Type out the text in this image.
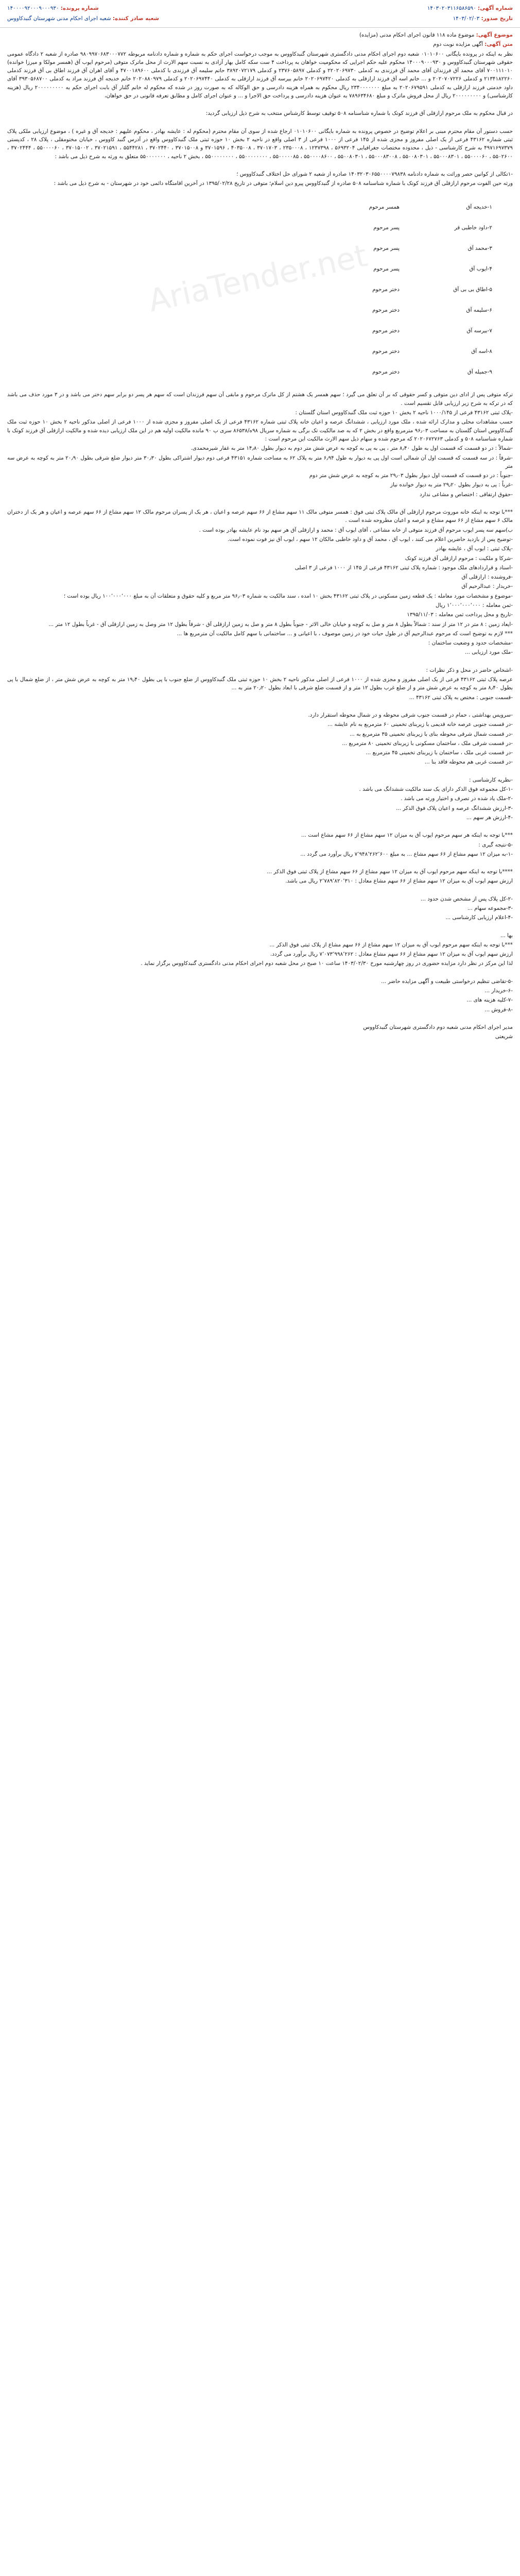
شماره آگهی: ۱۴۰۳۰۲۰۳۱۱۶۵۸۶۵۹۰
شماره پرونده: ۱۴۰۰۰۰۹۲۰۰۰۹۰۰۰۹۳۰
تاریخ صدور: ۱۴۰۳/۰۲/۰۳
شعبه صادر کننده: شعبه اجرای احکام مدنی شهرستان گنبدکاووس

موضوع آگهی: موضوع ماده ۱۱۸ قانون اجرای احکام مدنی (مزایده)

متن آگهی: آگهی مزایده نوبت دوم

نظر به اینکه در پرونده بایگانی ۰۱۰۱۰۶۰۰ شعبه دوم اجرای احکام مدنی دادگستری شهرستان گنبدکاووس به موجب درخواست اجرای حکم به شماره و شماره دادنامه مربوطه ۹۸۰۹۹۷۰۶۸۳۰۰۰۷۷۲ صادره از شعبه ۲ دادگاه عمومی حقوقی شهرستان گنبدکاووس و ۱۴۰۰۰۹۰۰۰۹۳۰ محکوم علیه حکم اجرایی که محکومیت خواهان به پرداخت ۴ ست سکه کامل بهار آزادی به نسبت سهم الارث از محل ماترک متوفی (مرحوم ایوب آق (همسر مولکا و میرزا خوانده) ۷۰۰۱۱۱۰۱۰ آقای محمد آق فرزندان آقای محمد آق فرزندی به کدملی ۲۲۰۲۰۶۹۷۳۰ و کدملی ۲۳۷۶۰۵۸۹۷ و کدملی ۳۸۹۲۰۷۲۱۷۹ حاتم سلیمه آق فرزندی با کدملی ۴۷۰۰۱۸۹۶۰۰ و آقای اهران آق فرزند اطاق بی آق فرزند کدملی ۲۱۳۴۱۸۲۲۶۰ و کدملی ۲۰۲۰۷۰۷۲۲۶ و ... خانم اسه آق فرزند ارازقلی به کدملی ۲۰۲۰۶۹۷۴۲۰ خانم بیرسه آق فرزند ارازقلی به کدملی ۲۰۲۰۶۹۷۴۴۰ و کدملی ۲۰۲۰۸۸۰۹۷۹ خانم خدیجه آق فرزند مراد به کدملی ۳۹۳۰۵۶۸۷۰۰ آقای داود خدمتی فرزند ارازقلی به کدملی ۲۰۲۰۶۷۹۵۹۱ به مبلغ ۲۳۴۰۰۰۰۰۰۰ ریال محکوم به همراه هزینه دادرسی و حق الوکاله که به صورت روز در شده که محکوم له خانم گلنار آق بابت اجرای حکم به ۲۰۰۰۰۰۰۰۰۰ ریال (هزینه کارشناسی) و ۲۰۰۰۰۰۰۰۰۰ ریال از محل فروش ماترک و مبلغ ۷۸۹۶۳۴۶۸۰ به عنوان هزینه دادرسی و پرداخت حق الاجرا و ... و عنوان اجرای کامل و مطابق تعرفه قانونی در حق خواهان،

در قبال محکوم به ملک مرحوم ارازقلی آق فرزند کوتک با شماره شناسنامه ۵۰۸ توقیف توسط کارشناس منتخب به شرح ذیل ارزیابی گردید:

حسب دستور آن مقام محترم مبنی بر اعلام توضیح در خصوص پرونده به شماره بایگانی ۰۱۰۱۰۶۰۰ ارجاع شده از سوی آن مقام محترم (محکوم له : عایشه بهادر ، محکوم علیهم : خدیجه آق و غیره ) ، موضوع ارزیابی ملکی پلاک ثبتی شماره ۴۳۱۶۲ فرعی از یک اصلی مفروز و مجزی شده از ۱۴۵ فرعی از ۱۰۰۰ فرعی از ۳ اصلی واقع در ناحیه ۲ بخش ۱۰ حوزه ثبتی ملک گنبدکاووس واقع در آدرس گنبد کاووس ، خیابان مختومقلی ، پلاک ۲۸ ، کدپستی ۴۹۷۱۶۹۷۳۷۹ به شرح کارشناسی - ذیل ، محدوده مختصات جغرافیایی ۵۶۹۳۲۰۴ ، ۱۲۳۷۳۹۸ ، ۲۳۵۰۰۰۸ ، ۳۷۰۱۷۰۳ ، ۴۰۳۵۰۰۸ ، ۳۷۰۱۵۹۶ و ۳۷۰۱۵۰۰۸ ، ۳۷۰۲۴۴۰ ، ۵۵۴۴۲۸۱ ، ۳۷۰۲۱۵۹۱ ، ۳۷۰۱۵۰۰۲ ، ۵۵۰۰۰۰۶۰ ، ۳۷۰۲۴۴۴ ، ۵۵۰۲۶۰۰ ، ۵۵۰۰۰۰۶۰ ، ۵۵۰۰۰۸۳۰۱ ، ۵۵۰۰۸۰۳۰۱ ، ۵۵۰۰۰۸۳۰۰۸ ، ۵۵۰۰۸۰۳۰۱ ، ۵۵۰۰۰۰۸۶۰۰ ، ۵۵۰۰۰۰۰۸۵ ، ۵۵۰۰۰۰۰۰۰۰ ، ۵۵۰۰۰۰۰۰۰۰ ، بخش ۲ ناحیه ، ۵۵۰۰۰۰۰۰۰ متعلق به ورثه به شرح ذیل می باشد :

-۱تکالی از کوانین حصر وراثت به شماره دادنامه ۱۴۰۳۲۰۳۰۶۵۵۰۰۰۰۷۹۸۳۸ صادره از شعبه ۲ شورای حل اختلاف گنبدکاووس ؛

ورثه حین الفوت مرحوم ارازقلی آق فرزند کوتک با شماره شناسنامه ۵۰۸ صادره از گنبدکاووس پیرو دین اسلام؛ متوفی در تاریخ ۱۳۹۵/۰۲/۲۸ در آخرین اقامتگاه دائمی خود در شهرستان - به شرح ذیل می باشد :

۱-خدیجه آق
همسر مرحوم
۲-داود خاطبی قر
پسر مرحوم
۳-محمد آق
پسر مرحوم
۴-ایوب آق
پسر مرحوم
۵-اطاق بی بی آق
دختر مرحوم
۶-سلیمه آق
دختر مرحوم
۷-بیرسه آق
دختر مرحوم
۸-اسه آق
دختر مرحوم
۹-جمیله آق
دختر مرحوم

ترکه متوفی پس از ادای دین متوفی و کسر حقوقی که بر آن تعلق می گیرد ؛ سهم همسر یک هشتم از کل ماترک مرحوم و مابقی آن سهم فرزندان است که سهم هر پسر دو برابر سهم دختر می باشد و در ۳ مورد حذف می باشد که در ترکه به شرح زیر ارزیابی قابل تقسیم است .

-پلاک ثبتی ۴۳۱۶۲ فرعی از ۱۰۰۰/۱۴۵ ناحیه ۲ بخش ۱۰ حوزه ثبت ملک گنبدکاووس استان گلستان :

حسب مشاهدات محلی و مدارک ارائه شده ، ملک مورد ارزیابی ، ششدانگ عرصه و اعیان خانه پلاک ثبتی شماره ۴۳۱۶۲ فرعی از یک اصلی مفروز و مجزی شده از ۱۰۰۰ فرعی از اصلی مذکور ناحیه ۲ بخش ۱۰ حوزه ثبت ملک گنبدکاووس استان گلستان به مساحت ۹۶٫۰۳ مترمربع واقع در بخش ۲ که به صد مالکیت تک برگی به شماره سریال ۹۸ه/۸۶۵۳۸ سری ب ۹۰ مانده مالکیت اولیه هم در این ملک ارزیابی دیده شده و مالکیت ارازقلی آق فرزند کوتک با شماره شناسنامه ۵۰۸ و کدملی ۲۰۲۰۶۷۲۷۶۳ که مرحوم شده و سهام ذیل سهم الارث مالکیت این مرحوم است :

-شمالاً : در دو قسمت که قسمت اول به طول ۸٫۴۰ متر ، پی به پی به کوچه به عرض شش متر دوم به دیوار بطول ۱۴٫۸۰ متر به غفار شیرمحمدی.

-شرقاً : در سه قسمت که قسمت اول آن شمالی است اول پی به دیوار به طول ۶٫۹۴ متر به پلاک ۶۲ به مساحت شماره ۴۳۱۵۱ فرعی دوم دیوار اشتراکی بطول ۳۰٫۳۰ متر دیوار ضلع شرقی بطول ۲۰٫۹۰ متر به کوچه به عرض سه متر

-جنوباً : در دو قسمت که قسمت اول دیوار بطول ۲۹٫۰۳ متر به کوچه به عرض شش متر دوم

-غرباً : پی به دیوار بطول ۲۹٫۲۰ متر به دیوار خوانده نیاز

-حقوق ارتفاقی : اختصاص و مشاعی ندارد

***با توجه به اینکه خانه موروث مرحوم ارازقلی آق مالک پلاک ثبتی فوق : همسر متوفی مالک ۱۱ سهم مشاع از ۶۶ سهم عرصه و اعیان ، هر یک از پسران مرحوم مالک ۱۲ سهم مشاع از ۶۶ سهم عرصه و اعیان و هر یک از دختران مالک ۶ سهم مشاع از ۶۶ سهم مشاع و عرصه و اعیان مطروحه شده است .

ب)سهم سه پسر ایوب مرحوم آق فرزند متوفی از خانه مشاعی ، آقای ایوب آق : محمد و ارازقلی آق هر سهم بود نام عایشه بهادر بوده است .

-توضیح پس از بازدید حاضرین اعلام می کنند ، ایوب آق ، محمد آق و داود خاطبی مالکان ۱۲ سهم ، ایوب آق نیز فوت نموده است.

-پلاک ثبتی : ایوب آق ، عایشه بهادر

-شرکا و ملکیت : مرحوم ارازقلی آق فرزند کوتک

-اسناد و قراردادهای ملک موجود : شماره پلاک ثبتی ۴۳۱۶۲ فرعی از ۱۴۵ از ۱۰۰۰ فرعی از ۳ اصلی

-فروشنده : ارازقلی آق

-خریدار : عبدالرحیم آق

-موضوع و مشخصات مورد معامله : یک قطعه زمین مسکونی در پلاک ثبتی ۴۳۱۶۲ بخش ۱۰ امده ، سند مالکیت به شماره ۹۶٫۰۳ متر مربع و کلیه حقوق و متعلقات آن به مبلغ ۱۰۰٬۰۰۰٬۰۰۰ ریال بوده است ؛

-ثمن معامله : ۱٬۰۰۰٬۰۰۰٬۰۰۰ ریال

-تاریخ و محل پرداخت ثمن معامله : ۱۳۹۵/۱۱/۰۳

-ایعاد زمین : ۸ متر در ۱۲ متر از سند : شمالاً بطول ۸ متر و صل به کوچه و خیابان خالی الاثر - جنوباً بطول ۸ متر و صل به زمین ارازقلی آق - شرقاً بطول ۱۲ متر وصل به زمین ارازقلی آق - غرباً بطول ۱۲ متر ...

*** لازم به توضیح است که مرحوم عبدالرحیم آق در طول حیات خود در زمین موصوف ، با اعیانی و ... ساختمانی با سهم کامل مالکیت آن مترمربع ها ...

-مشخصات حدود و وضعیت ساختمان :

-ملک مورد ارزیابی ...

-اشخاص حاضر در محل و ذکر نظرات :

عرصه پلاک ثبتی ۴۳۱۶۲ فرعی از یک اصلی مفروز و مجزی شده از ۱۰۰۰ فرعی از اصلی مذکور ناحیه ۲ بخش ۱۰ حوزه ثبتی ملک گنبدکاووس از ضلع جنوب با پی بطول ۱۹٫۴۰ متر به کوچه به عرض شش متر ، از ضلع شمال با پی بطول ۸٫۴۰ متر به کوچه به عرض شش متر و از ضلع غرب بطول ۱۲ متر و از قسمت ضلع شرقی با ابعاد بطول ۲۰٫۲۰ متر به ...

-قسمت جنوبی : مختص به پلاک ثبتی ۴۳۱۶۲ ...

-سرویس بهداشتی ، حمام در قسمت جنوب شرقی محوطه و در شمال محوطه استقرار دارد.

-در قسمت جنوبی عرصه خانه قدیمی با زیربنای تخمینی ۶۰ مترمربع به نام عایشه ...

-در قسمت شمال شرقی محوطه بنای با زیربنای تخمینی ۳۵ مترمربع به ...

-در قسمت شرقی ملک ، ساختمان مسکونی با زیربنای تخمینی ۸۰ مترمربع ...

-در قسمت غربی ملک ، ساختمان با زیربنای تخمینی ۴۵ مترمربع ...

-در قسمت غربی هم محوطه فاقد بنا ...

-نظریه کارشناسی :

-۱-کل مجموعه فوق الذکر دارای یک سند مالکیت ششدانگ می باشد .

-۲-ملک یاد شده در تصرف و اختیار ورثه می باشد .

-۳-ارزش ششدانگ عرصه و اعیان پلاک فوق الذکر ...

-۴-ارزش هر سهم ...

***با توجه به اینکه هر سهم مرحوم ایوب آق به میزان ۱۲ سهم مشاع از ۶۶ سهم مشاع است ...

-۵-نتیجه گیری :

-۱-به میزان ۱۲ سهم مشاع از ۶۶ سهم مشاع ... به مبلغ ۷٬۹۴۸٬۲۶۲٬۶۰۰ ریال برآورد می گردد ...

****با توجه به اینکه سهم مرحوم ایوب آق به میزان ۱۲ سهم مشاع از ۶۶ سهم مشاع از پلاک ثبتی فوق الذکر ...

ارزش سهم ایوب آق به میزان ۱۲ سهم مشاع از ۶۶ سهم مشاع معادل : ۲٬۷۸۹٬۸۲۰٬۳۱۰ ریال می باشد.

-۲-کل پلاک پس از مشخص شدن حدود ...

-۳-مجموعه سهام ...

-۴-اعلام ارزیابی کارشناسی ...

بها ...

***با توجه به اینکه سهم مرحوم ایوب آق به میزان ۱۲ سهم مشاع از ۶۶ سهم مشاع از پلاک ثبتی فوق الذکر ...

ارزش سهم ایوب آق به میزان ۱۲ سهم مشاع از ۶۶ سهم مشاع معادل : ۷٬۰۷۳٬۹۹۸٬۲۶۲ ریال برآورد می گردد.

لذا این مرکز در نظر دارد مزایده حضوری در روز چهارشنبه مورخ ۱۴۰۳/۰۲/۳۰ ساعت ۱۰ صبح در محل شعبه دوم اجرای احکام مدنی دادگستری گنبدکاووس برگزار نماید .

-۵-تقاضی تنظیم درخواستی طبیعت و آگهی مزایده حاضر ...

-۶-خریدار ...

-۷-کلیه هزینه های ...

-۸-فروش ...

مدیر اجرای احکام مدنی شعبه دوم دادگستری شهرستان گنبدکاووس

شریعتی

AriaTender.net
